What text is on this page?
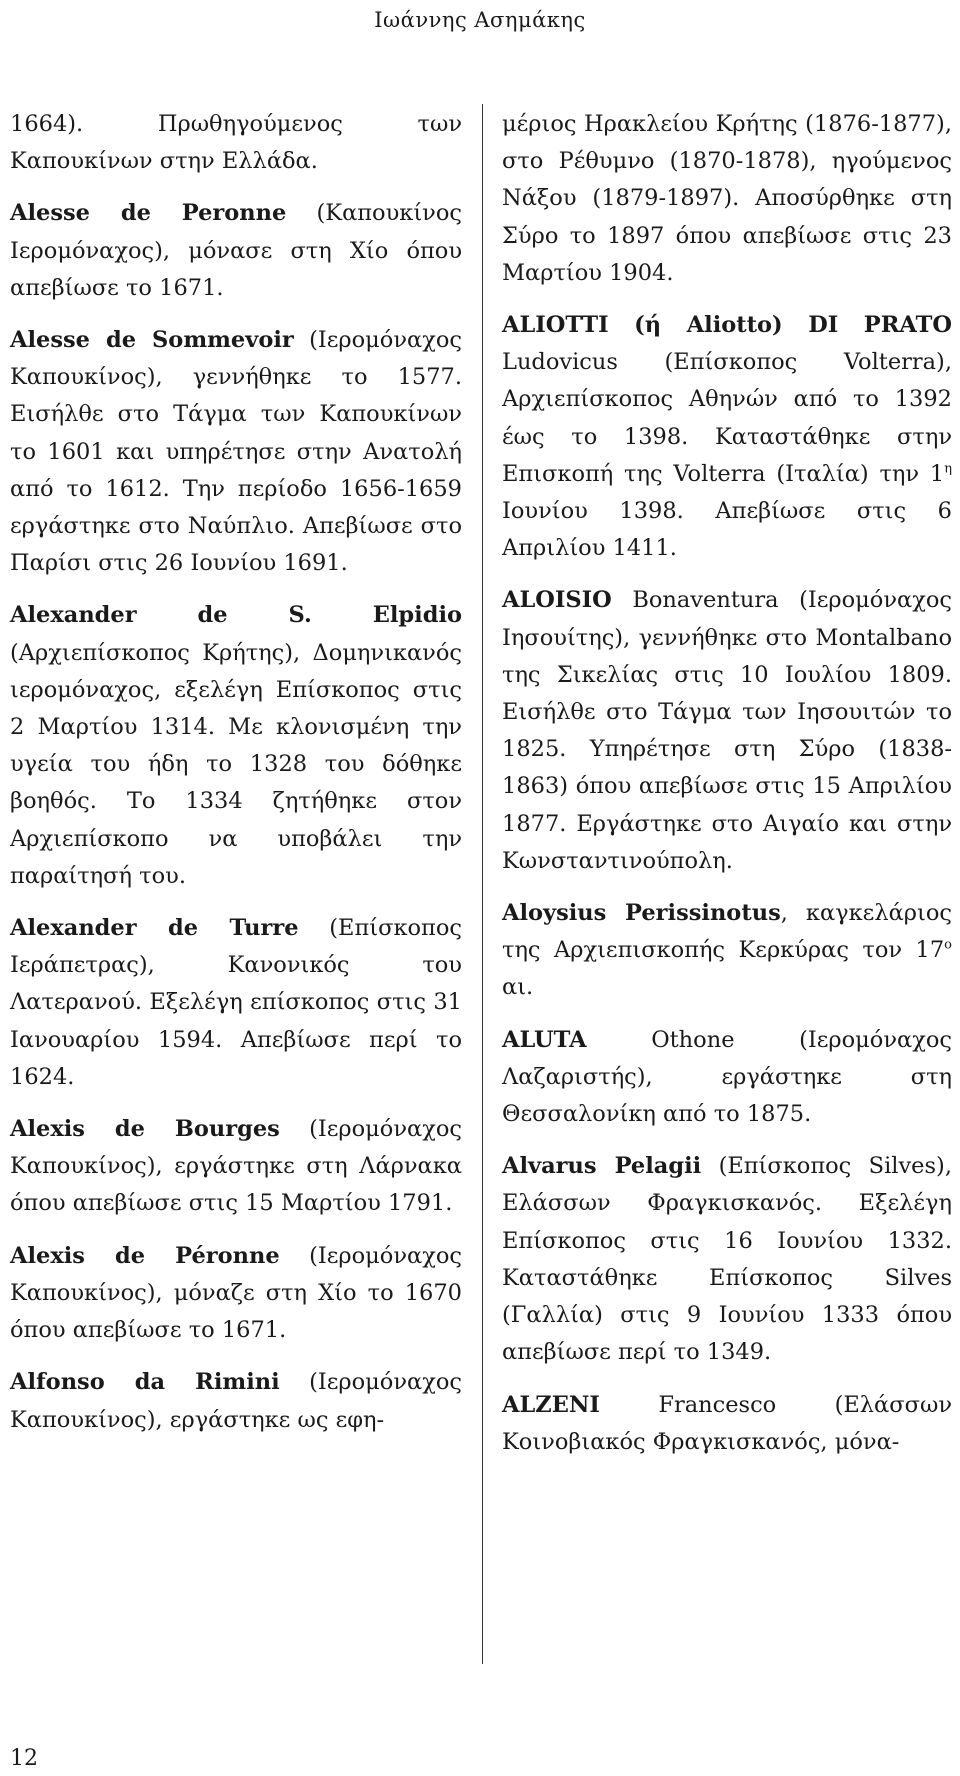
Ιωάννης Ασημάκης

1664). Πρωθηγούμενος των Καπουκίνων στην Ελλάδα.

Alesse de Peronne (Καπουκίνος Ιερομόναχος), μόνασε στη Χίο όπου απεβίωσε το 1671.

Alesse de Sommevoir (Ιερομόναχος Καπουκίνος), γεννήθηκε το 1577. Εισήλθε στο Τάγμα των Καπουκίνων το 1601 και υπηρέτησε στην Ανατολή από το 1612. Την περίοδο 1656-1659 εργάστηκε στο Ναύπλιο. Απεβίωσε στο Παρίσι στις 26 Ιουνίου 1691.

Alexander de S. Elpidio (Αρχιεπίσκοπος Κρήτης), Δομηνικανός ιερομόναχος, εξελέγη Επίσκοπος στις 2 Μαρτίου 1314. Με κλονισμένη την υγεία του ήδη το 1328 του δόθηκε βοηθός. Το 1334 ζητήθηκε στον Αρχιεπίσκοπο να υποβάλει την παραίτησή του.

Alexander de Turre (Επίσκοπος Ιεράπετρας), Κανονικός του Λατερανού. Εξελέγη επίσκοπος στις 31 Ιανουαρίου 1594. Απεβίωσε περί το 1624.

Alexis de Bourges (Ιερομόναχος Καπουκίνος), εργάστηκε στη Λάρνακα όπου απεβίωσε στις 15 Μαρτίου 1791.

Alexis de Péronne (Ιερομόναχος Καπουκίνος), μόναζε στη Χίο το 1670 όπου απεβίωσε το 1671.

Alfonso da Rimini (Ιερομόναχος Καπουκίνος), εργάστηκε ως εφη-

μέριος Ηρακλείου Κρήτης (1876-1877), στο Ρέθυμνο (1870-1878), ηγούμενος Νάξου (1879-1897). Αποσύρθηκε στη Σύρο το 1897 όπου απεβίωσε στις 23 Μαρτίου 1904.

ALIOTTI (ή Aliotto) DI PRATO Ludovicus (Επίσκοπος Volterra), Αρχιεπίσκοπος Αθηνών από το 1392 έως το 1398. Καταστάθηκε στην Επισκοπή της Volterra (Ιταλία) την $1^\eta$ Ιουνίου 1398. Απεβίωσε στις 6 Απριλίου 1411.

ALOISIO Bonaventura (Ιερομόναχος Ιησουίτης), γεννήθηκε στο Montalbano της Σικελίας στις 10 Ιουλίου 1809. Εισήλθε στο Τάγμα των Ιησουιτών το 1825. Υπηρέτησε στη Σύρο (1838-1863) όπου απεβίωσε στις 15 Απριλίου 1877. Εργάστηκε στο Αιγαίο και στην Κωνσταντινούπολη.

Aloysius Perissinotus, καγκελάριος της Αρχιεπισκοπής Κερκύρας τον $17^o$ αι.

ALUTA Othone (Ιερομόναχος Λαζαριστής), εργάστηκε στη Θεσσαλονίκη από το 1875.

Alvarus Pelagii (Επίσκοπος Silves), Ελάσσων Φραγκισκανός. Εξελέγη Επίσκοπος στις 16 Ιουνίου 1332. Καταστάθηκε Επίσκοπος Silves (Γαλλία) στις 9 Ιουνίου 1333 όπου απεβίωσε περί το 1349.

ALZENI Francesco (Ελάσσων Κοινοβιακός Φραγκισκανός, μόνα-

12
